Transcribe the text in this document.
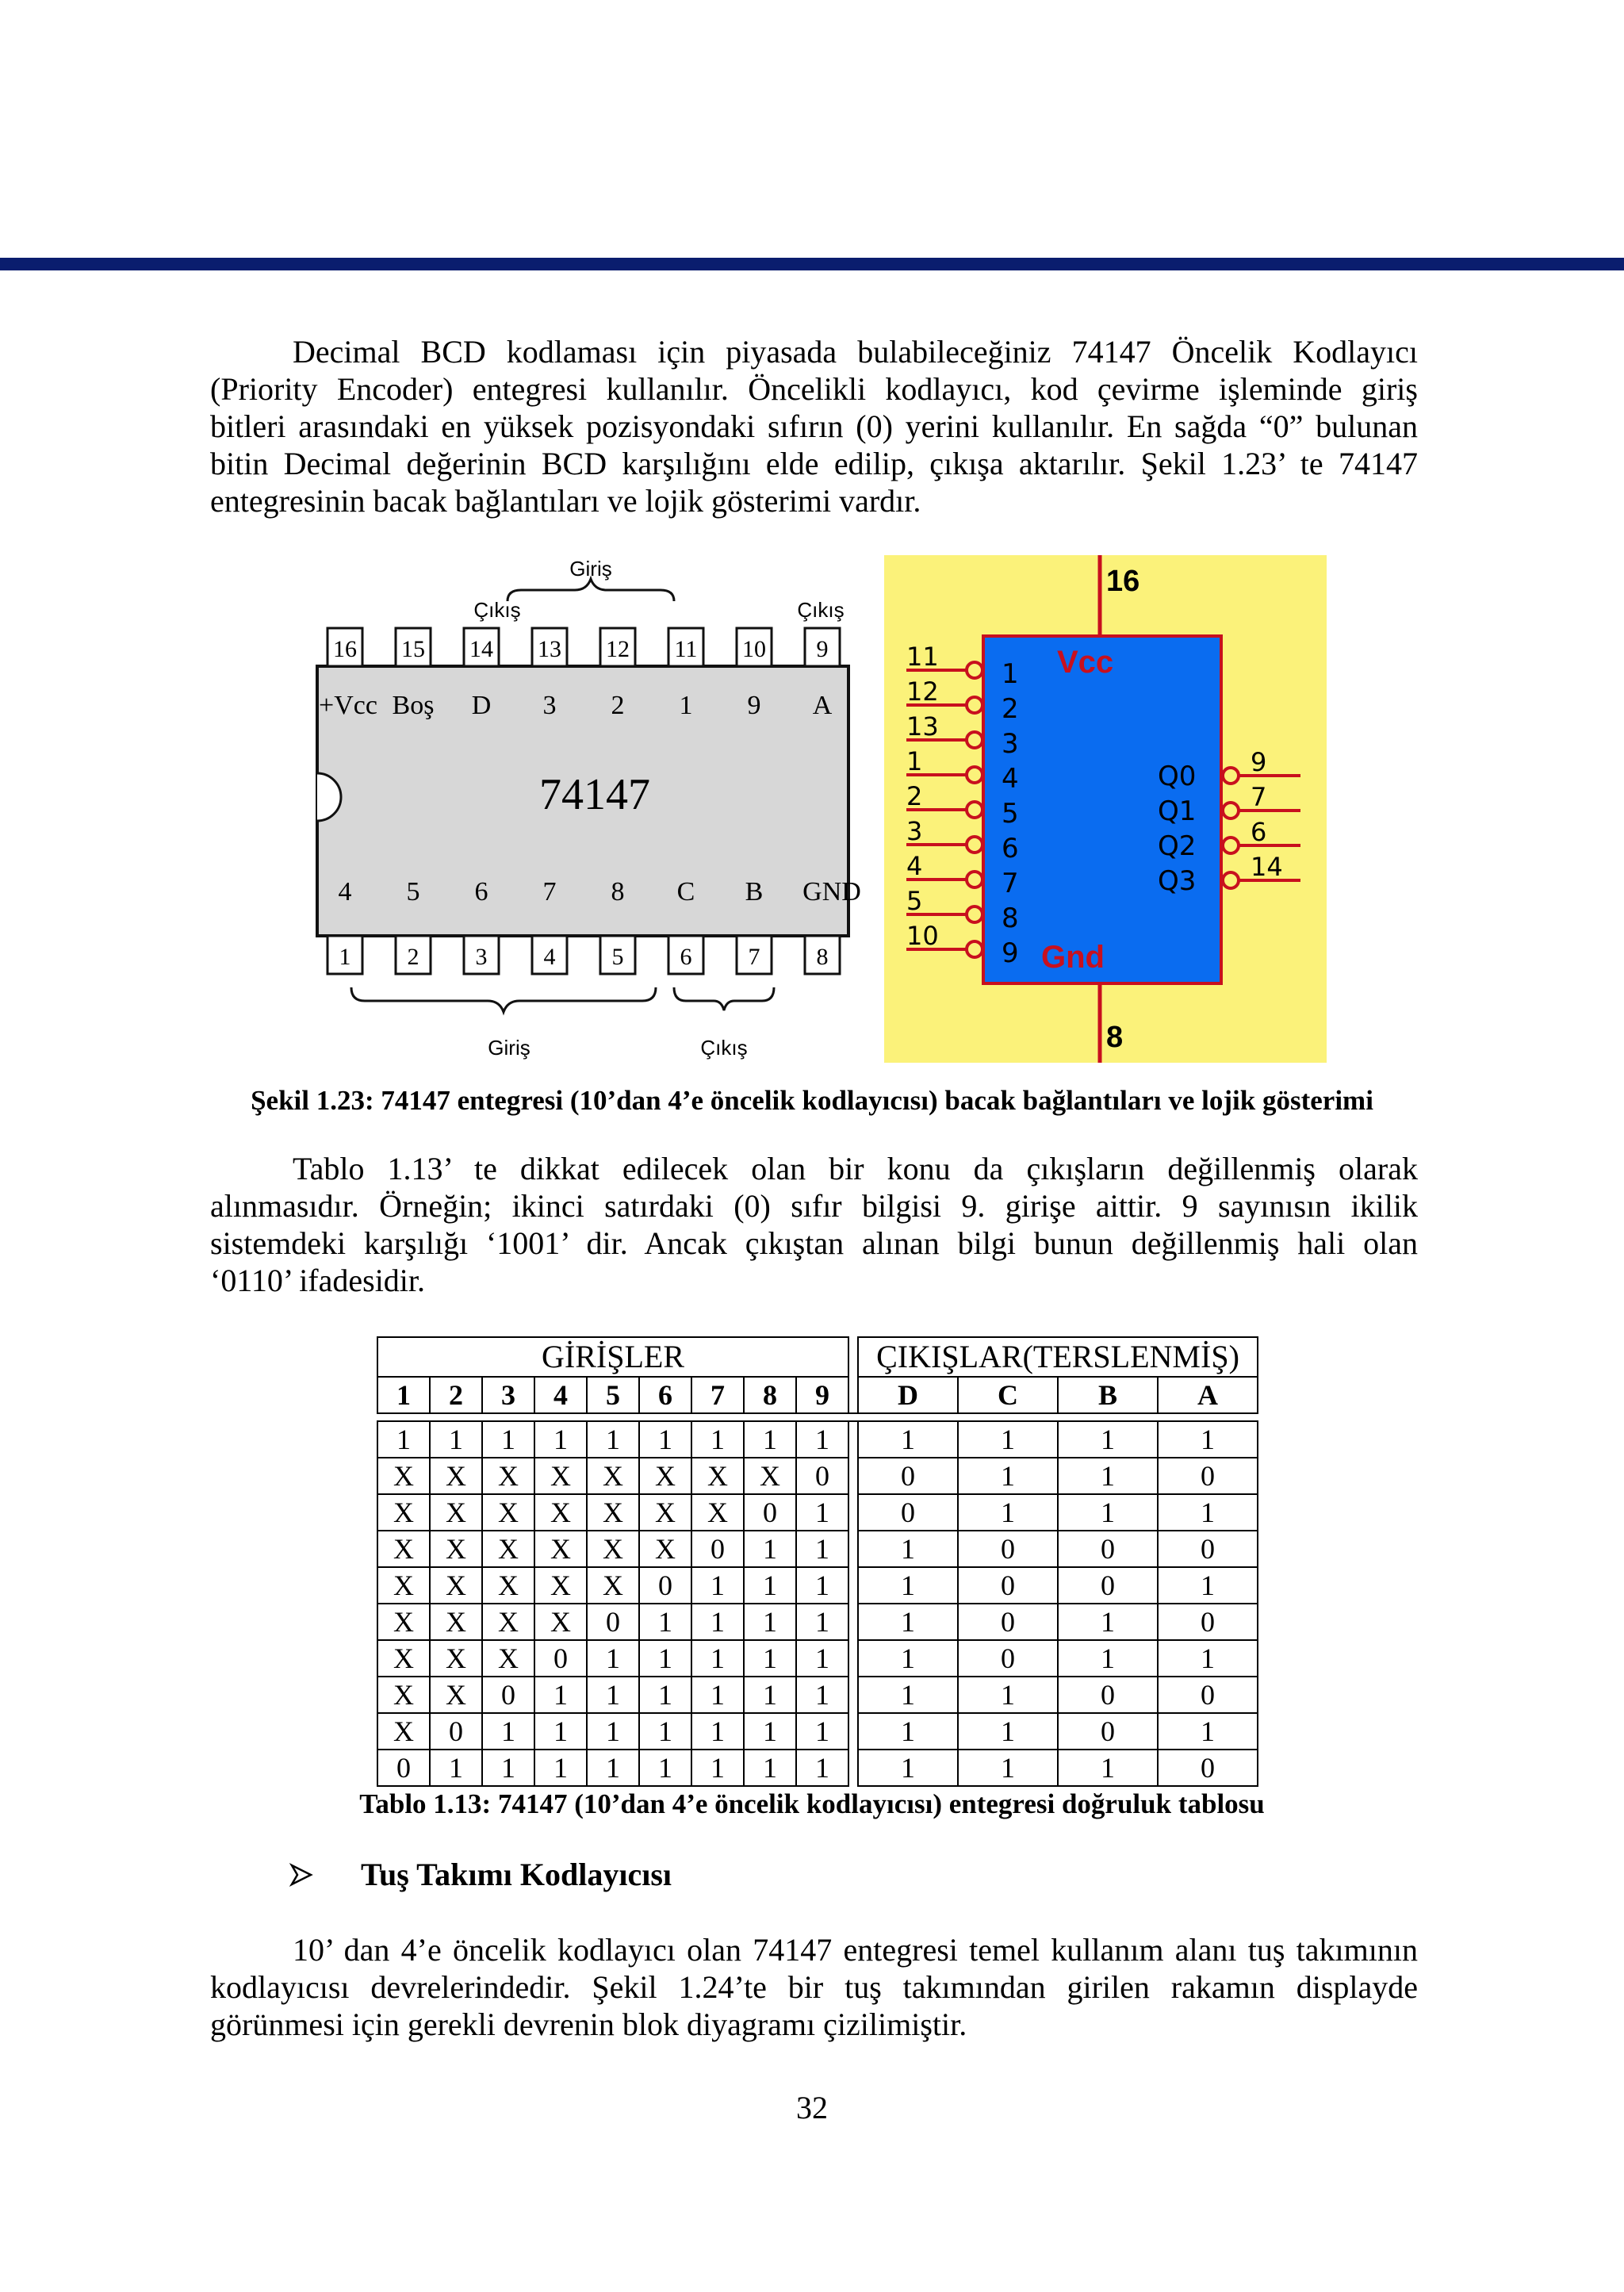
Decimal BCD kodlaması için piyasada bulabileceğiniz 74147 Öncelik Kodlayıcı
(Priority Encoder) entegresi kullanılır. Öncelikli kodlayıcı, kod çevirme işleminde giriş
bitleri arasındaki en yüksek pozisyondaki sıfırın (0) yerini kullanılır. En sağda “0” bulunan
bitin Decimal değerinin BCD karşılığını elde edilip, çıkışa aktarılır. Şekil 1.23’ te 74147
entegresinin bacak bağlantıları ve lojik gösterimi vardır.

Giriş
Çıkış	Çıkış
74147
16
+Vcc
15
Boş
14
D
13
3
12
2
11
1
10
9
9
A
1
4
2
5
3
6
4
7
5
8
6
C
7
B
8
GND
Giriş	Çıkış
16
8
Vcc
Gnd
11
1
12
2
13
3
1
4
2
5
3
6
4
7
5
8
10
9
Q0 9
Q1 7
Q2 6
Q3 14

Şekil 1.23: 74147 entegresi (10’dan 4’e öncelik kodlayıcısı) bacak bağlantıları ve lojik gösterimi

Tablo 1.13’ te dikkat edilecek olan bir konu da çıkışların değillenmiş olarak
alınmasıdır. Örneğin; ikinci satırdaki (0) sıfır bilgisi 9. girişe aittir. 9 sayınısın ikilik
sistemdeki karşılığı ‘1001’ dir. Ancak çıkıştan alınan bilgi bunun değillenmiş hali olan
‘0110’ ifadesidir.

GİRİŞLER										ÇIKIŞLAR(TERSLENMİŞ)			
1	2	3	4	5	6	7	8	9		D	C	B	A

1	1	1	1	1	1	1	1	1		1	1	1	1
X	X	X	X	X	X	X	X	0		0	1	1	0
X	X	X	X	X	X	X	0	1		0	1	1	1
X	X	X	X	X	X	0	1	1		1	0	0	0
X	X	X	X	X	0	1	1	1		1	0	0	1
X	X	X	X	0	1	1	1	1		1	0	1	0
X	X	X	0	1	1	1	1	1		1	0	1	1
X	X	0	1	1	1	1	1	1		1	1	0	0
X	0	1	1	1	1	1	1	1		1	1	0	1
0	1	1	1	1	1	1	1	1		1	1	1	0

Tablo 1.13: 74147 (10’dan 4’e öncelik kodlayıcısı) entegresi doğruluk tablosu

Tuş Takımı Kodlayıcısı

10’ dan 4’e öncelik kodlayıcı olan 74147 entegresi temel kullanım alanı tuş takımının
kodlayıcısı devrelerindedir. Şekil 1.24’te bir tuş takımından girilen rakamın displayde
görünmesi için gerekli devrenin blok diyagramı çizilimiştir.

32
